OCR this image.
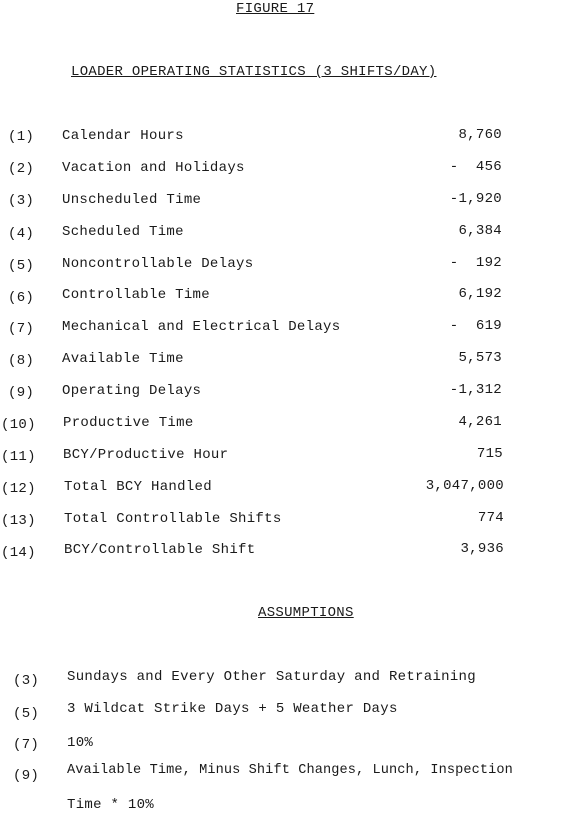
FIGURE 17
LOADER OPERATING STATISTICS (3 SHIFTS/DAY)
(1)	Calendar Hours	8,760
(2)	Vacation and Holidays	-  456
(3)	Unscheduled Time	-1,920
(4)	Scheduled Time	6,384
(5)	Noncontrollable Delays	-  192
(6)	Controllable Time	6,192
(7)	Mechanical and Electrical Delays	-  619
(8)	Available Time	5,573
(9)	Operating Delays	-1,312
(10)	Productive Time	4,261
(11)	BCY/Productive Hour	715
(12)	Total BCY Handled	3,047,000
(13)	Total Controllable Shifts	774
(14)	BCY/Controllable Shift	3,936
ASSUMPTIONS
(3)	Sundays and Every Other Saturday and Retraining
(5)	3 Wildcat Strike Days + 5 Weather Days
(7)	10%
(9)	Available Time, Minus Shift Changes, Lunch, Inspection
Time * 10%
